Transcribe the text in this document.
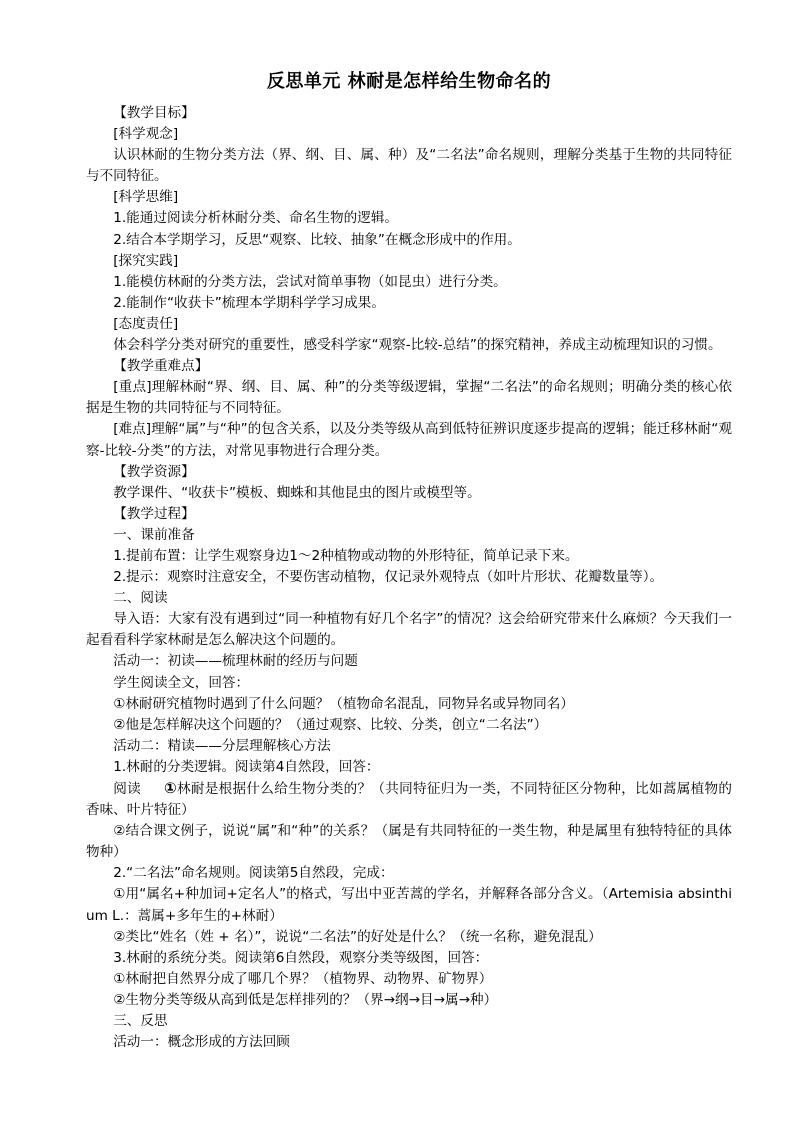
反思单元 林耐是怎样给生物命名的

【教学目标】

[科学观念]

认识林耐的生物分类方法（界、纲、目、属、种）及“二名法”命名规则，理解分类基于生物的共同特征与不同特征。

[科学思维]

1.能通过阅读分析林耐分类、命名生物的逻辑。

2.结合本学期学习，反思“观察、比较、抽象”在概念形成中的作用。

[探究实践]

1.能模仿林耐的分类方法，尝试对简单事物（如昆虫）进行分类。

2.能制作“收获卡”梳理本学期科学学习成果。

[态度责任]

体会科学分类对研究的重要性，感受科学家“观察-比较-总结”的探究精神，养成主动梳理知识的习惯。

【教学重难点】

[重点]理解林耐“界、纲、目、属、种”的分类等级逻辑，掌握“二名法”的命名规则；明确分类的核心依据是生物的共同特征与不同特征。

[难点]理解“属”与“种”的包含关系，以及分类等级从高到低特征辨识度逐步提高的逻辑；能迁移林耐“观察-比较-分类”的方法，对常见事物进行合理分类。

【教学资源】

教学课件、“收获卡”模板、蜘蛛和其他昆虫的图片或模型等。

【教学过程】

一、课前准备

1.提前布置：让学生观察身边1～2种植物或动物的外形特征，简单记录下来。

2.提示：观察时注意安全，不要伤害动植物，仅记录外观特点（如叶片形状、花瓣数量等）。

二、阅读

导入语：大家有没有遇到过“同一种植物有好几个名字”的情况？这会给研究带来什么麻烦？今天我们一起看看科学家林耐是怎么解决这个问题的。

活动一：初读——梳理林耐的经历与问题

学生阅读全文，回答：

①林耐研究植物时遇到了什么问题？（植物命名混乱，同物异名或异物同名）

②他是怎样解决这个问题的？（通过观察、比较、分类，创立“二名法”）

活动二：精读——分层理解核心方法

1.林耐的分类逻辑。阅读第4自然段，回答：

阅读 ①林耐是根据什么给生物分类的？（共同特征归为一类，不同特征区分物种，比如蒿属植物的香味、叶片特征）

②结合课文例子，说说“属”和“种”的关系？（属是有共同特征的一类生物，种是属里有独特特征的具体物种）

2.“二名法”命名规则。阅读第5自然段，完成：

①用“属名+种加词+定名人”的格式，写出中亚苦蒿的学名，并解释各部分含义。（Artemisia absinthium L.：蒿属+多年生的+林耐）

②类比“姓名（姓 + 名）”，说说“二名法”的好处是什么？（统一名称，避免混乱）

3.林耐的系统分类。阅读第6自然段，观察分类等级图，回答：

①林耐把自然界分成了哪几个界？（植物界、动物界、矿物界）

②生物分类等级从高到低是怎样排列的？（界→纲→目→属→种）

三、反思

活动一：概念形成的方法回顾
